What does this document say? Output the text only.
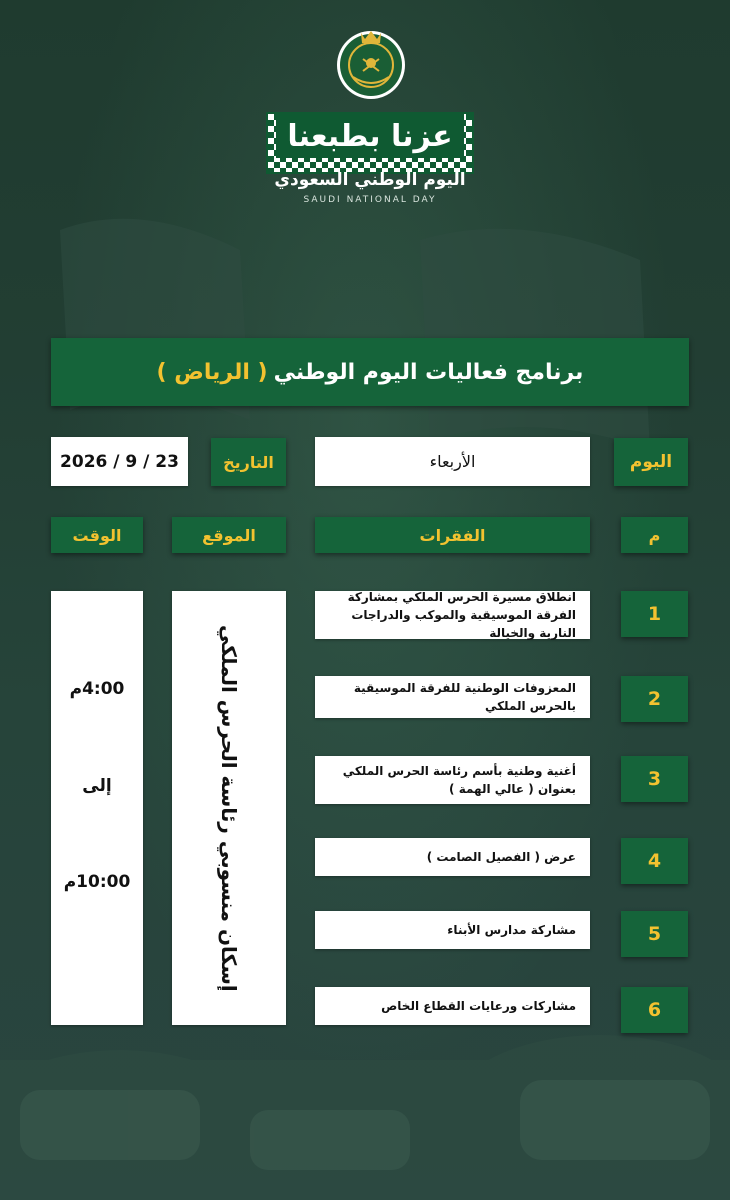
عزنا بطبعنا
اليوم الوطني السعودي
SAUDI NATIONAL DAY
برنامج فعاليات اليوم الوطني
( الرياض )
اليوم
الأربعاء
التاريخ
2026 / 9 / 23
م
الفقرات
الموقع
الوقت
1
انطلاق مسيرة الحرس الملكي بمشاركة الفرقة الموسيقية والموكب والدراجات النارية والخيالة
2
المعزوفات الوطنية للفرقة الموسيقية بالحرس الملكي
3
أغنية وطنية بأسم رئاسة الحرس الملكي بعنوان ( عالي الهمة )
4
عرض ( الفصيل الصامت )
5
مشاركة مدارس الأبناء
6
مشاركات ورعايات القطاع الخاص
إسكان منسوبي رئاسة الحرس الملكي
4:00م
إلى
10:00م
